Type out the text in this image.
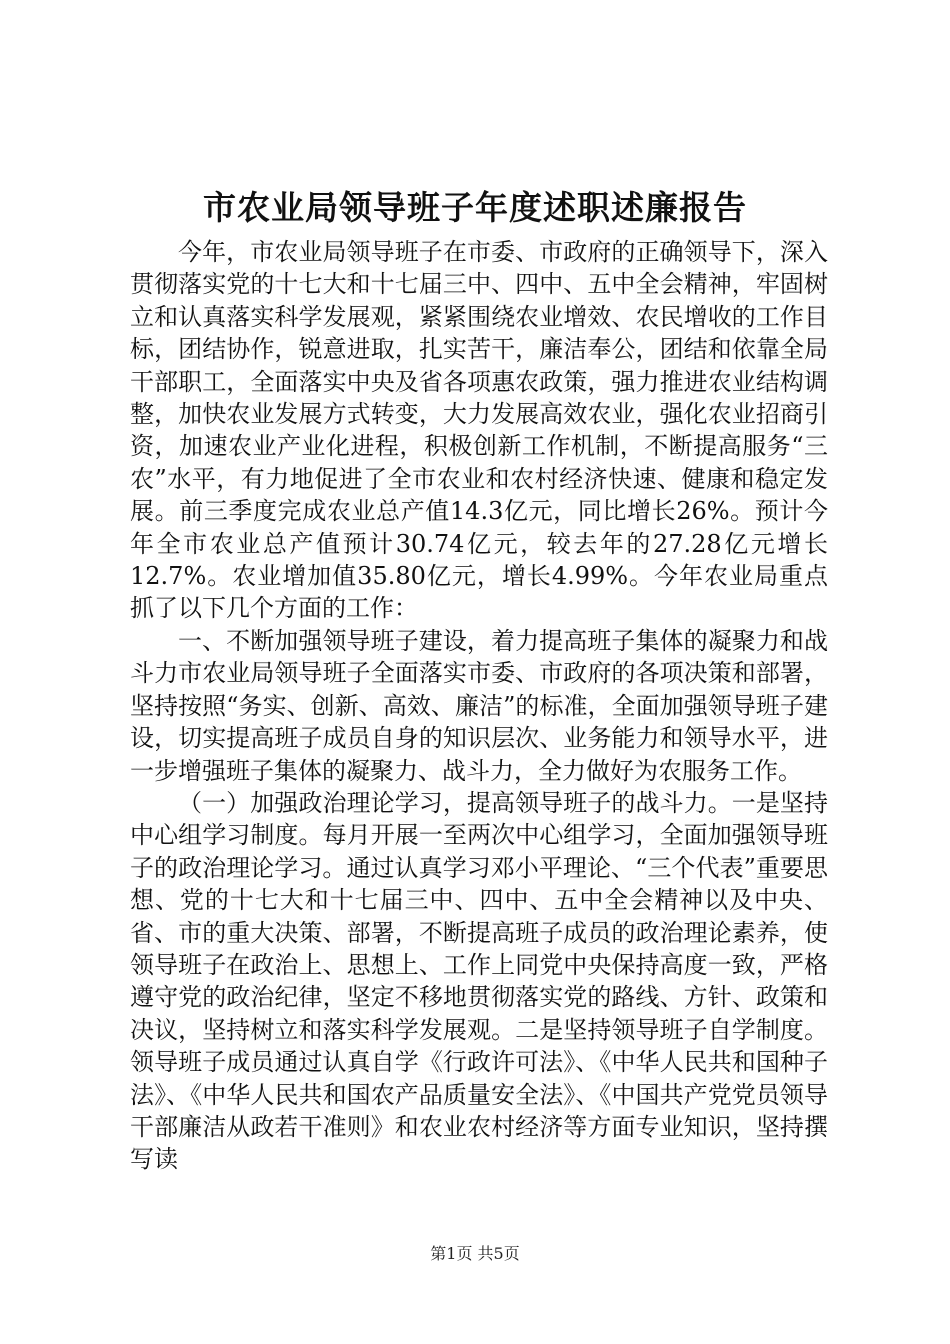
市农业局领导班子年度述职述廉报告

今年，市农业局领导班子在市委、市政府的正确领导下，深入贯彻落实党的十七大和十七届三中、四中、五中全会精神，牢固树立和认真落实科学发展观，紧紧围绕农业增效、农民增收的工作目标，团结协作，锐意进取，扎实苦干，廉洁奉公，团结和依靠全局干部职工，全面落实中央及省各项惠农政策，强力推进农业结构调整，加快农业发展方式转变，大力发展高效农业，强化农业招商引资，加速农业产业化进程，积极创新工作机制，不断提高服务“三农”水平，有力地促进了全市农业和农村经济快速、健康和稳定发展。前三季度完成农业总产值14.3亿元，同比增长26%。预计今年全市农业总产值预计30.74亿元，较去年的27.28亿元增长12.7%。农业增加值35.80亿元，增长4.99%。今年农业局重点抓了以下几个方面的工作：

一、不断加强领导班子建设，着力提高班子集体的凝聚力和战斗力市农业局领导班子全面落实市委、市政府的各项决策和部署，坚持按照“务实、创新、高效、廉洁”的标准，全面加强领导班子建设，切实提高班子成员自身的知识层次、业务能力和领导水平，进一步增强班子集体的凝聚力、战斗力，全力做好为农服务工作。

（一）加强政治理论学习，提高领导班子的战斗力。一是坚持中心组学习制度。每月开展一至两次中心组学习，全面加强领导班子的政治理论学习。通过认真学习邓小平理论、“三个代表”重要思想、党的十七大和十七届三中、四中、五中全会精神以及中央、省、市的重大决策、部署，不断提高班子成员的政治理论素养，使领导班子在政治上、思想上、工作上同党中央保持高度一致，严格遵守党的政治纪律，坚定不移地贯彻落实党的路线、方针、政策和决议，坚持树立和落实科学发展观。二是坚持领导班子自学制度。领导班子成员通过认真自学《行政许可法》、《中华人民共和国种子法》、《中华人民共和国农产品质量安全法》、《中国共产党党员领导干部廉洁从政若干准则》和农业农村经济等方面专业知识，坚持撰写读

第1页 共5页
